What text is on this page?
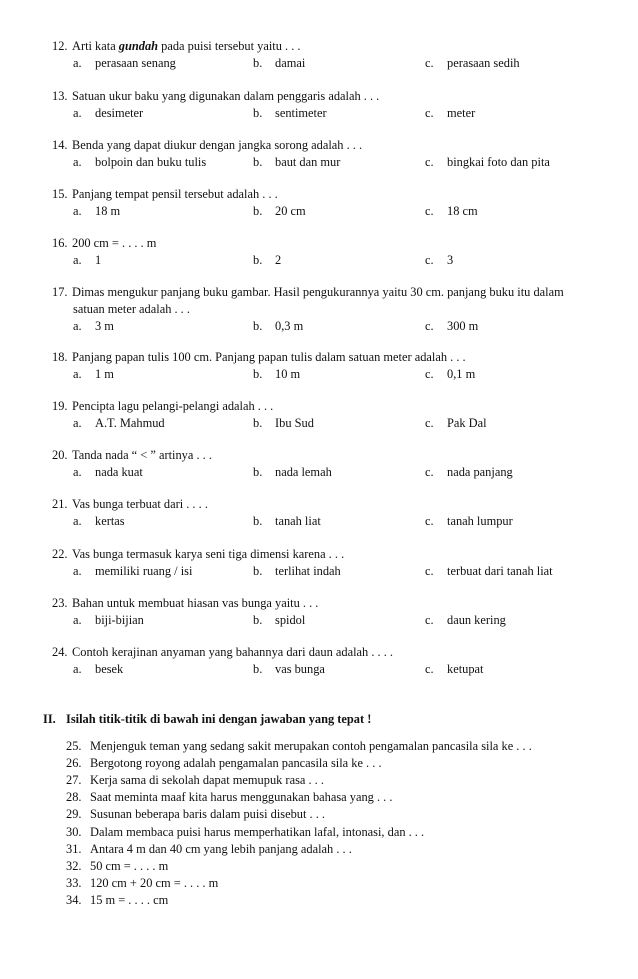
12. Arti kata gundah pada puisi tersebut yaitu . . .
a. perasaan senang	b. damai	c. perasaan sedih
13. Satuan ukur baku yang digunakan dalam penggaris adalah . . .
a. desimeter	b. sentimeter	c. meter
14. Benda yang dapat diukur dengan jangka sorong adalah . . .
a. bolpoin dan buku tulis	b. baut dan mur	c. bingkai foto dan pita
15. Panjang tempat pensil tersebut adalah . . .
a. 18 m	b. 20 cm	c. 18 cm
16. 200 cm = . . . . m
a. 1	b. 2	c. 3
17. Dimas mengukur panjang buku gambar. Hasil pengukurannya yaitu 30 cm. panjang buku itu dalam
satuan meter adalah . . .
a. 3 m	b. 0,3 m	c. 300 m
18. Panjang papan tulis 100 cm. Panjang papan tulis dalam satuan meter adalah . . .
a. 1 m	b. 10 m	c. 0,1 m
19. Pencipta lagu pelangi-pelangi adalah . . .
a. A.T. Mahmud	b. Ibu Sud	c. Pak Dal
20. Tanda nada “ < ” artinya . . .
a. nada kuat	b. nada lemah	c. nada panjang
21. Vas bunga terbuat dari . . . .
a. kertas	b. tanah liat	c. tanah lumpur
22. Vas bunga termasuk karya seni tiga dimensi karena . . .
a. memiliki ruang / isi	b. terlihat indah	c. terbuat dari tanah liat
23. Bahan untuk membuat hiasan vas bunga yaitu . . .
a. biji-bijian	b. spidol	c. daun kering
24. Contoh kerajinan anyaman yang bahannya dari daun adalah . . . .
a. besek	b. vas bunga	c. ketupat
II. Isilah titik-titik di bawah ini dengan jawaban yang tepat !
25. Menjenguk teman yang sedang sakit merupakan contoh pengamalan pancasila sila ke . . .
26. Bergotong royong adalah pengamalan pancasila sila ke . . .
27. Kerja sama di sekolah dapat memupuk rasa . . .
28. Saat meminta maaf kita harus menggunakan bahasa yang . . .
29. Susunan beberapa baris dalam puisi disebut . . .
30. Dalam membaca puisi harus memperhatikan lafal, intonasi, dan . . .
31. Antara 4 m dan 40 cm yang lebih panjang adalah . . .
32. 50 cm = . . . . m
33. 120 cm + 20 cm = . . . . m
34. 15 m = . . . . cm
